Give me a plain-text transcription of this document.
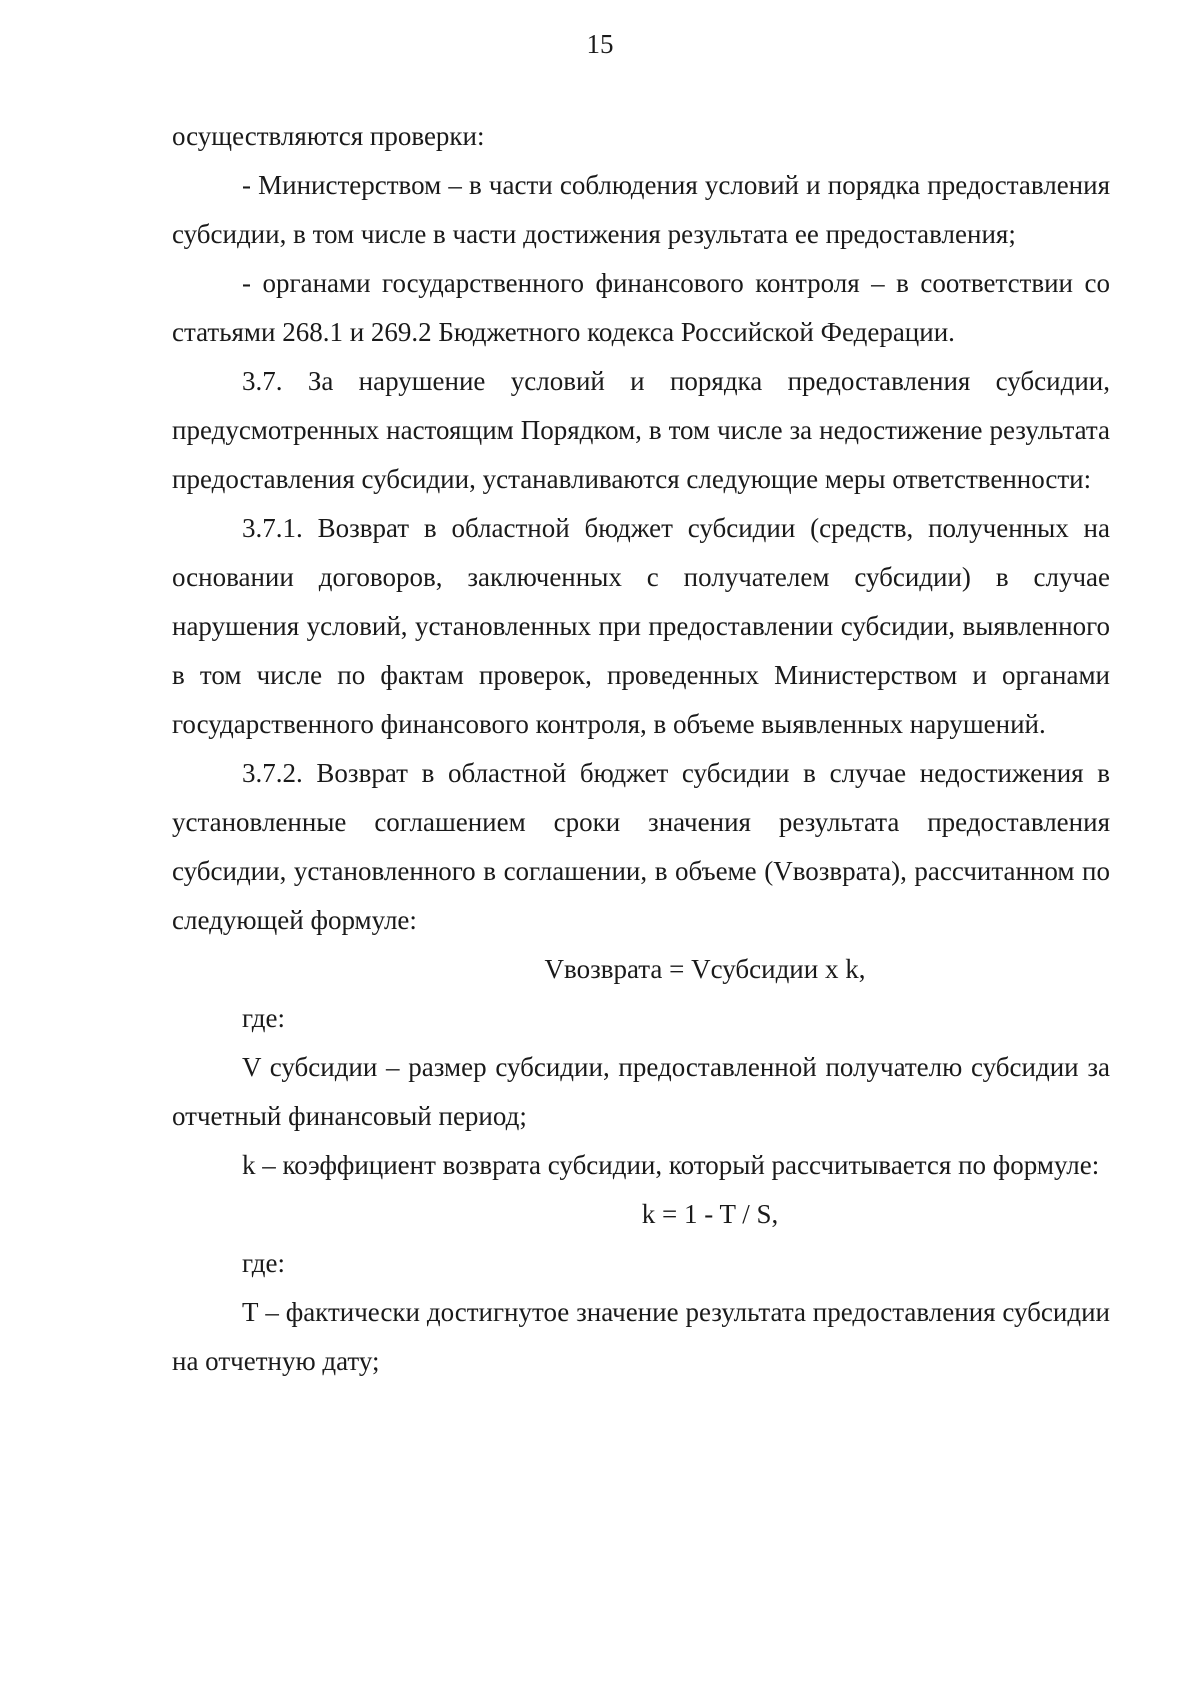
15

осуществляются проверки:

- Министерством – в части соблюдения условий и порядка предоставления субсидии, в том числе в части достижения результата ее предоставления;

- органами государственного финансового контроля – в соответствии со статьями 268.1 и 269.2 Бюджетного кодекса Российской Федерации.

3.7. За нарушение условий и порядка предоставления субсидии, предусмотренных настоящим Порядком, в том числе за недостижение результата предоставления субсидии, устанавливаются следующие меры ответственности:

3.7.1. Возврат в областной бюджет субсидии (средств, полученных на основании договоров, заключенных с получателем субсидии) в случае нарушения условий, установленных при предоставлении субсидии, выявленного в том числе по фактам проверок, проведенных Министерством и органами государственного финансового контроля, в объеме выявленных нарушений.

3.7.2. Возврат в областной бюджет субсидии в случае недостижения в установленные соглашением сроки значения результата предоставления субсидии, установленного в соглашении, в объеме (Vвозврата), рассчитанном по следующей формуле:

Vвозврата = Vсубсидии x k,

где:

V субсидии – размер субсидии, предоставленной получателю субсидии за отчетный финансовый период;

k – коэффициент возврата субсидии, который рассчитывается по формуле:

k = 1 - T / S,

где:

Т – фактически достигнутое значение результата предоставления субсидии на отчетную дату;
